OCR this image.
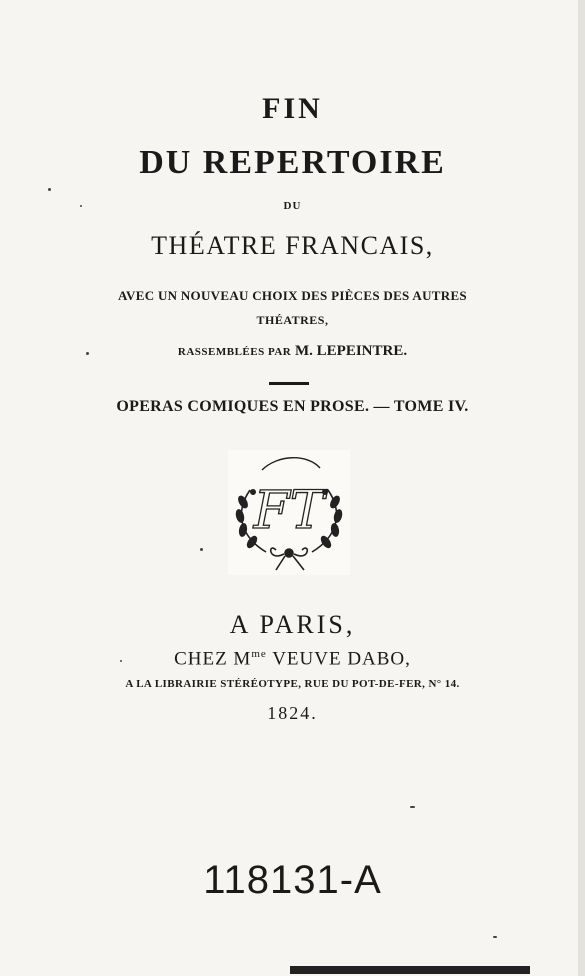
FIN
DU REPERTOIRE
DU
THÉATRE FRANCAIS,
AVEC UN NOUVEAU CHOIX DES PIÈCES DES AUTRES
THÉATRES,
RASSEMBLÉES PAR M. LEPEINTRE.
OPERAS COMIQUES EN PROSE. — TOME IV.
FT
A PARIS,
CHEZ $M^{me}$ VEUVE DABO,
A LA LIBRAIRIE STÉRÉOTYPE, RUE DU POT-DE-FER, N° 14.
1824.
118131-A
